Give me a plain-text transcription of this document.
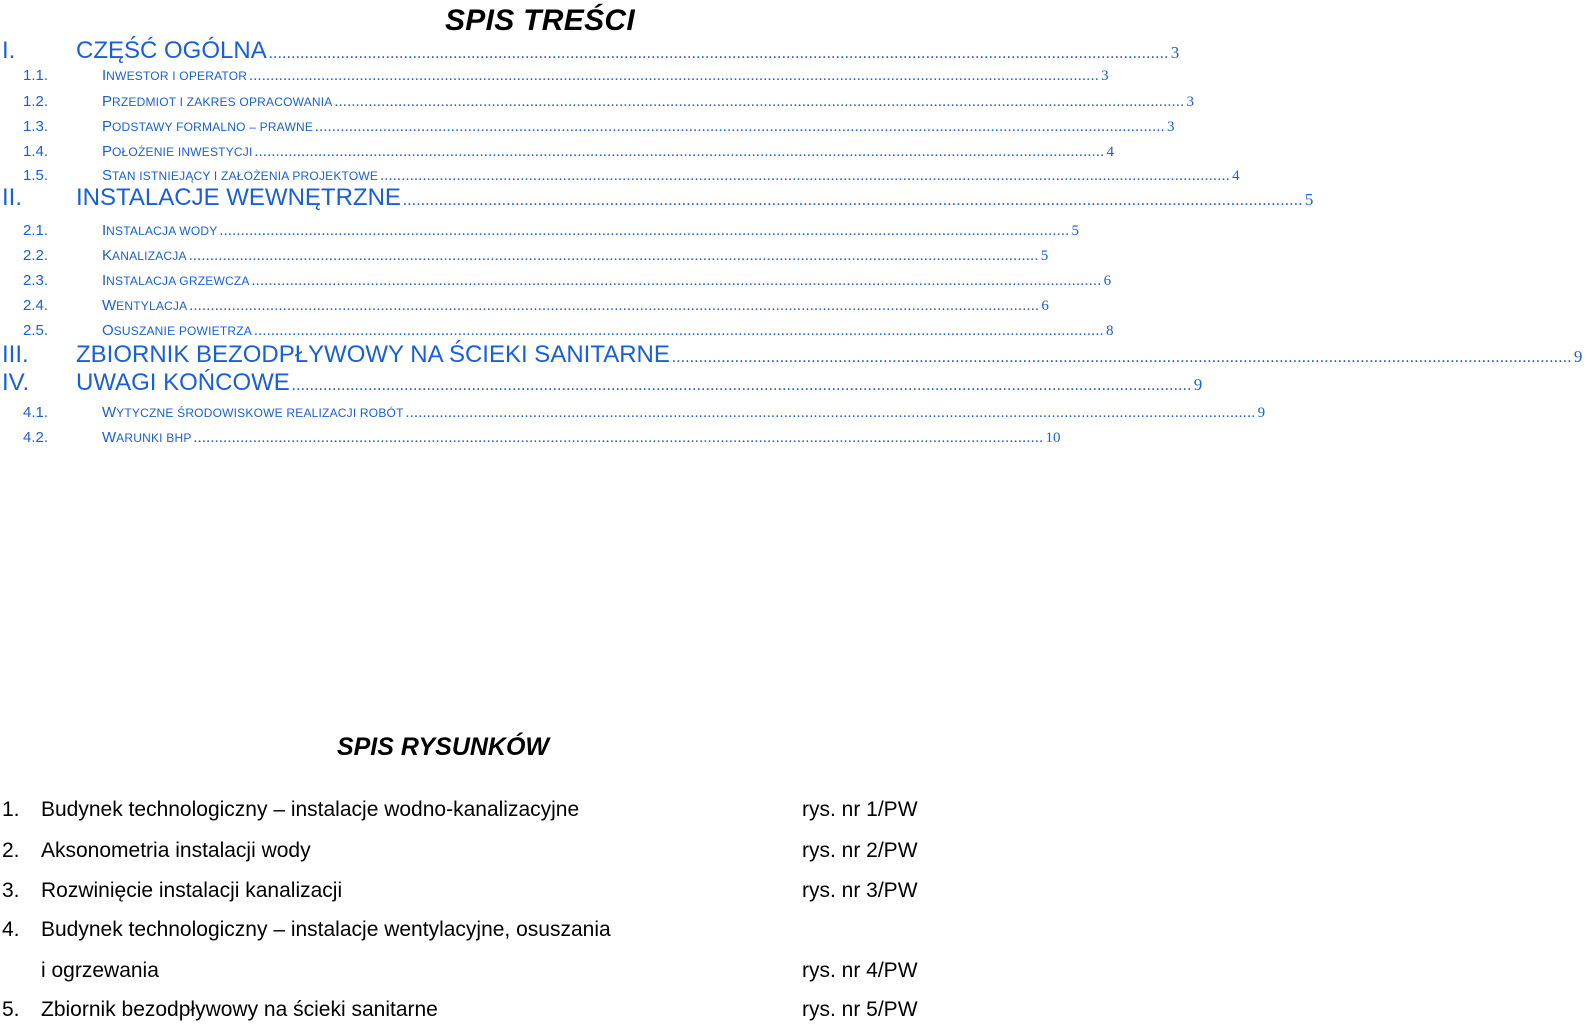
SPIS TREŚCI
I.	CZĘŚĆ OGÓLNA ........................................................................................................................................................................................................ 3
1.1.	INWESTOR I OPERATOR ........................................................................................................................................................................................................ 3
1.2.	PRZEDMIOT I ZAKRES OPRACOWANIA ........................................................................................................................................................................................................ 3
1.3.	PODSTAWY FORMALNO – PRAWNE ........................................................................................................................................................................................................ 3
1.4.	POŁOŻENIE INWESTYCJI ........................................................................................................................................................................................................ 4
1.5.	STAN ISTNIEJĄCY I ZAŁOŻENIA PROJEKTOWE ........................................................................................................................................................................................................ 4
II.	INSTALACJE WEWNĘTRZNE ........................................................................................................................................................................................................ 5
2.1.	INSTALACJA WODY ........................................................................................................................................................................................................ 5
2.2.	KANALIZACJA ........................................................................................................................................................................................................ 5
2.3.	INSTALACJA GRZEWCZA ........................................................................................................................................................................................................ 6
2.4.	WENTYLACJA ........................................................................................................................................................................................................ 6
2.5.	OSUSZANIE POWIETRZA ........................................................................................................................................................................................................ 8
III.	ZBIORNIK BEZODPŁYWOWY NA ŚCIEKI SANITARNE ........................................................................................................................................................................................................ 9
IV.	UWAGI KOŃCOWE ........................................................................................................................................................................................................ 9
4.1.	WYTYCZNE ŚRODOWISKOWE REALIZACJI ROBÓT ........................................................................................................................................................................................................ 9
4.2.	WARUNKI BHP ........................................................................................................................................................................................................ 10
SPIS RYSUNKÓW
1. Budynek technologiczny – instalacje wodno-kanalizacyjne	rys. nr 1/PW
2. Aksonometria instalacji wody	rys. nr 2/PW
3. Rozwinięcie instalacji kanalizacji	rys. nr 3/PW
4. Budynek technologiczny – instalacje wentylacyjne, osuszania
i ogrzewania	rys. nr 4/PW
5. Zbiornik bezodpływowy na ścieki sanitarne	rys. nr 5/PW
